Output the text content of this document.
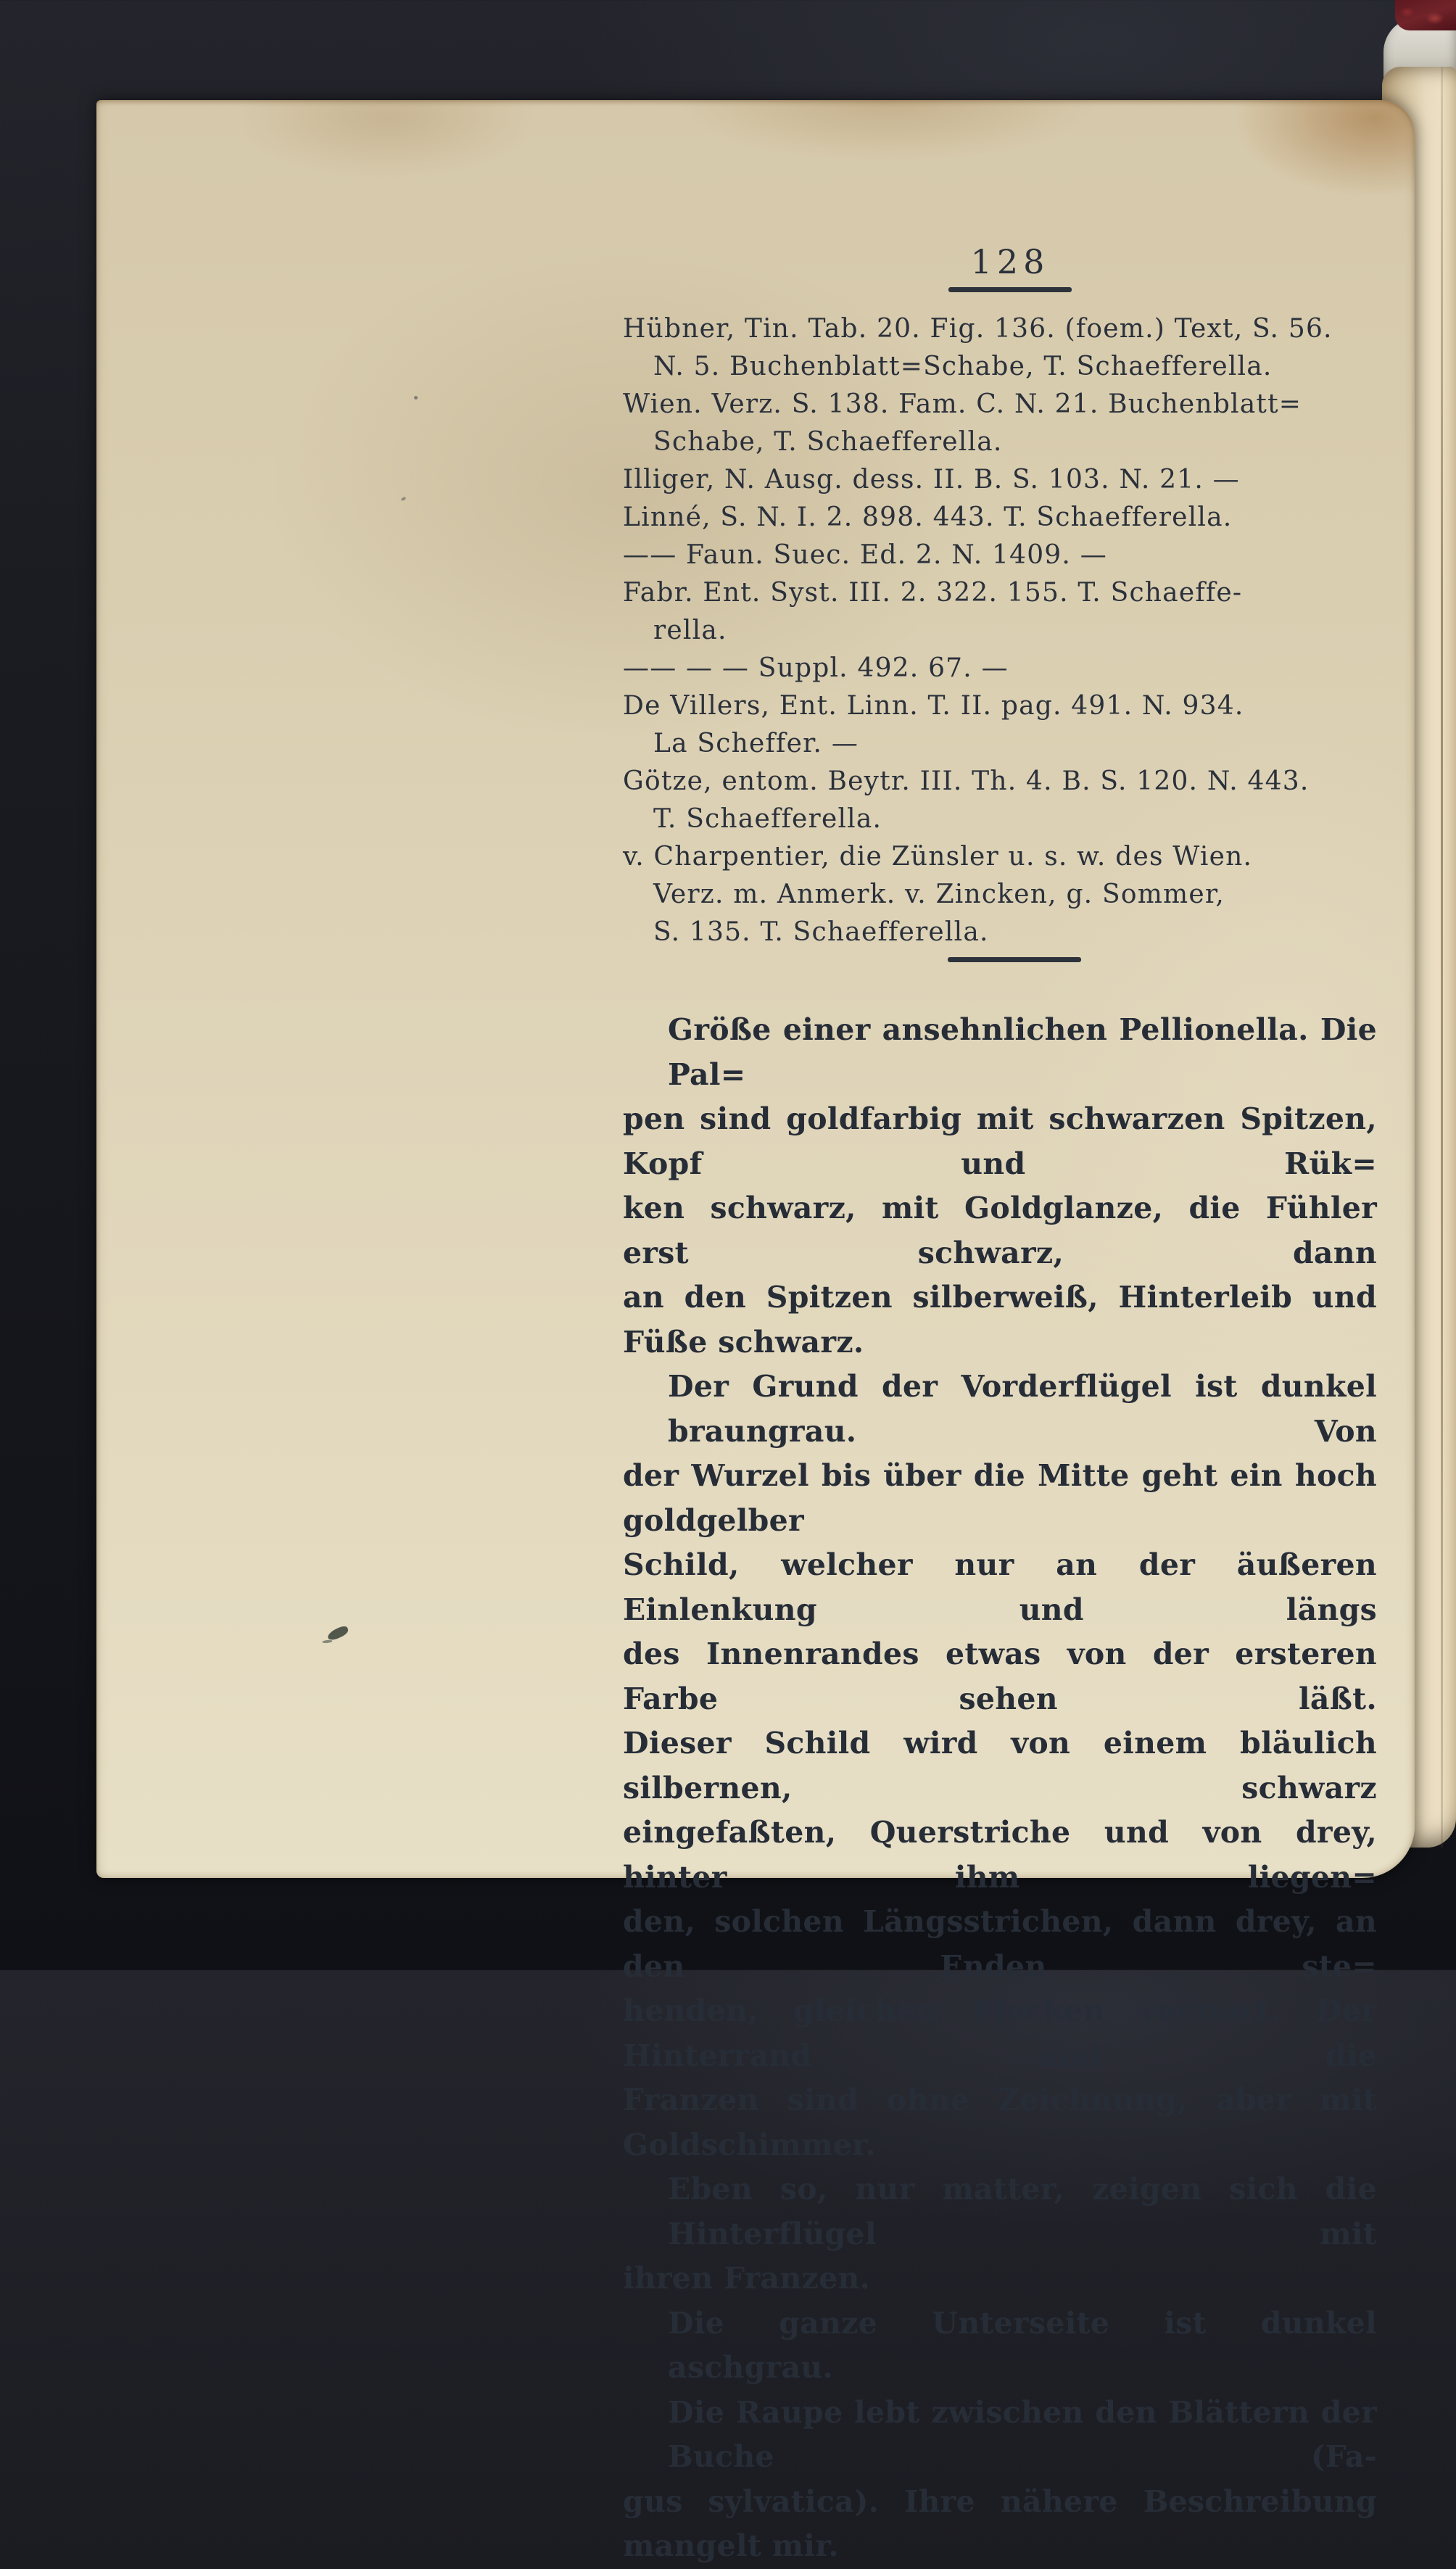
128
Hübner, Tin. Tab. 20. Fig. 136. (foem.) Text, S. 56.
N. 5. Buchenblatt=Schabe, T. Schaefferella.
Wien. Verz. S. 138. Fam. C. N. 21. Buchenblatt=
Schabe, T. Schaefferella.
Illiger, N. Ausg. dess. II. B. S. 103. N. 21. —
Linné, S. N. I. 2. 898. 443. T. Schaefferella.
—— Faun. Suec. Ed. 2. N. 1409. —
Fabr. Ent. Syst. III. 2. 322. 155. T. Schaeffe-
rella.
—— — — Suppl. 492. 67. —
De Villers, Ent. Linn. T. II. pag. 491. N. 934.
La Scheffer. —
Götze, entom. Beytr. III. Th. 4. B. S. 120. N. 443.
T. Schaefferella.
v. Charpentier, die Zünsler u. s. w. des Wien.
Verz. m. Anmerk. v. Zincken, g. Sommer,
S. 135. T. Schaefferella.
Größe einer ansehnlichen Pellionella. Die Pal=
pen sind goldfarbig mit schwarzen Spitzen, Kopf und Rük=
ken schwarz, mit Goldglanze, die Fühler erst schwarz, dann
an den Spitzen silberweiß, Hinterleib und Füße schwarz.
Der Grund der Vorderflügel ist dunkel braungrau. Von
der Wurzel bis über die Mitte geht ein hoch goldgelber
Schild, welcher nur an der äußeren Einlenkung und längs
des Innenrandes etwas von der ersteren Farbe sehen läßt.
Dieser Schild wird von einem bläulich silbernen, schwarz
eingefaßten, Querstriche und von drey, hinter ihm liegen=
den, solchen Längsstrichen, dann drey, an den Enden ste=
henden, gleichen Flecken verziert. Der Hinterrand und die
Franzen sind ohne Zeichnung, aber mit Goldschimmer.
Eben so, nur matter, zeigen sich die Hinterflügel mit
ihren Franzen.
Die ganze Unterseite ist dunkel aschgrau.
Die Raupe lebt zwischen den Blättern der Buche (Fa-
gus sylvatica). Ihre nähere Beschreibung mangelt mir.
